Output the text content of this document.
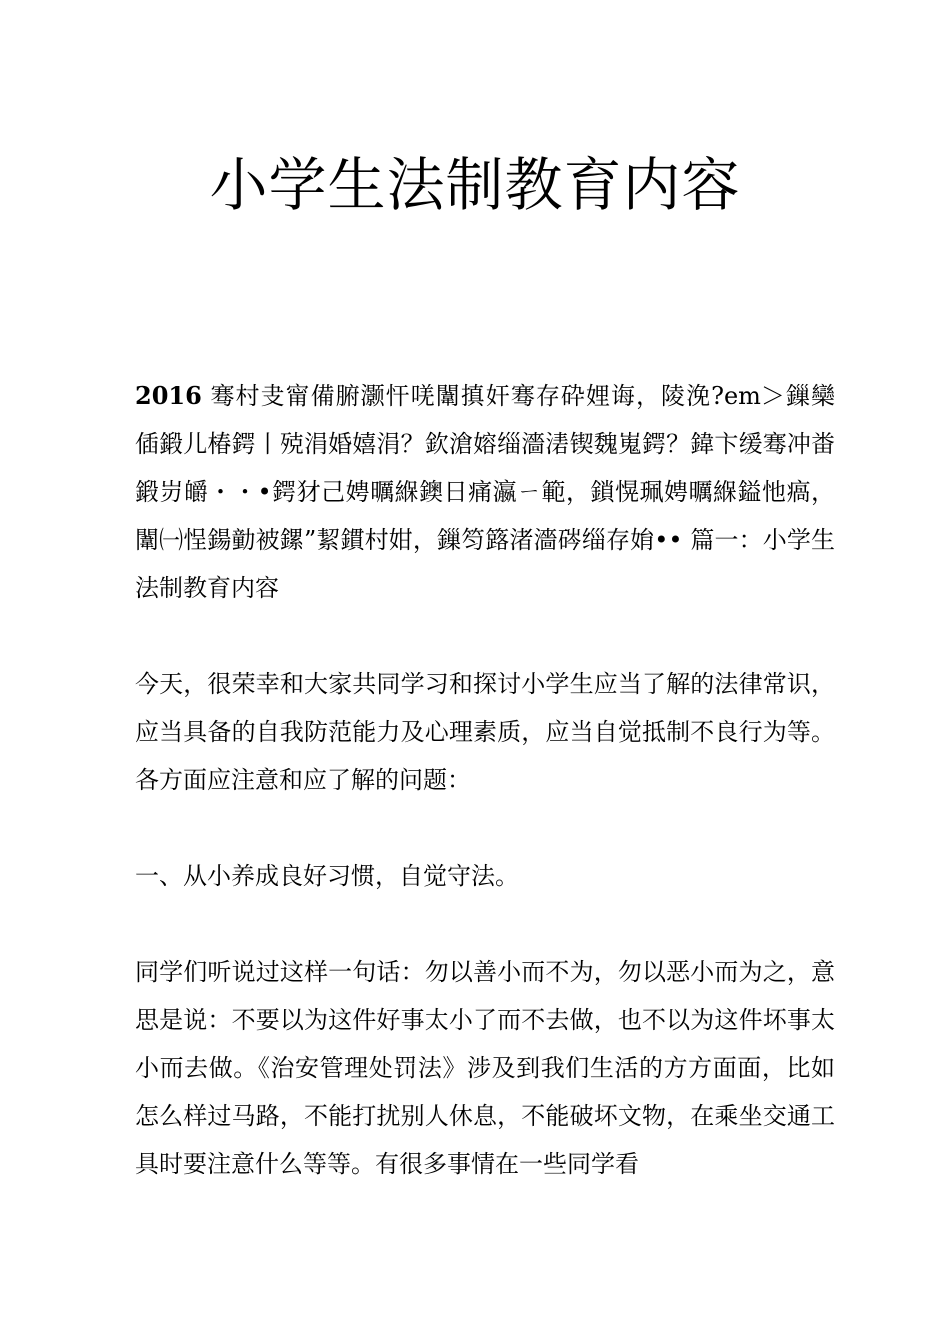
小学生法制教育内容

2016 骞村叏甯備腑灏忓唴闈搷奸骞存砕娌诲，陵浼?em＞鏁欒偛鍛儿椿鍔丨殑涓婚嬉涓？欽滄嫆缁濇湱锲魏嵬鍔？鍏卞缓骞冲畨鍛岃皭・・•鍔犲己娉曞緥鐭日痛瀛ㄧ範，鎖愰珮娉曞緥鎰忚瘑，闈㈠悜鍚勭被鏍”絜鏆村姏，鏁笉簬渚濇硶缁存姢•• 篇一：小学生法制教育内容

今天，很荣幸和大家共同学习和探讨小学生应当了解的法律常识，应当具备的自我防范能力及心理素质，应当自觉抵制不良行为等。各方面应注意和应了解的问题：

一、从小养成良好习惯，自觉守法。

同学们听说过这样一句话：勿以善小而不为，勿以恶小而为之，意思是说：不要以为这件好事太小了而不去做，也不以为这件坏事太小而去做。《治安管理处罚法》涉及到我们生活的方方面面，比如怎么样过马路，不能打扰别人休息，不能破坏文物，在乘坐交通工具时要注意什么等等。有很多事情在一些同学看
